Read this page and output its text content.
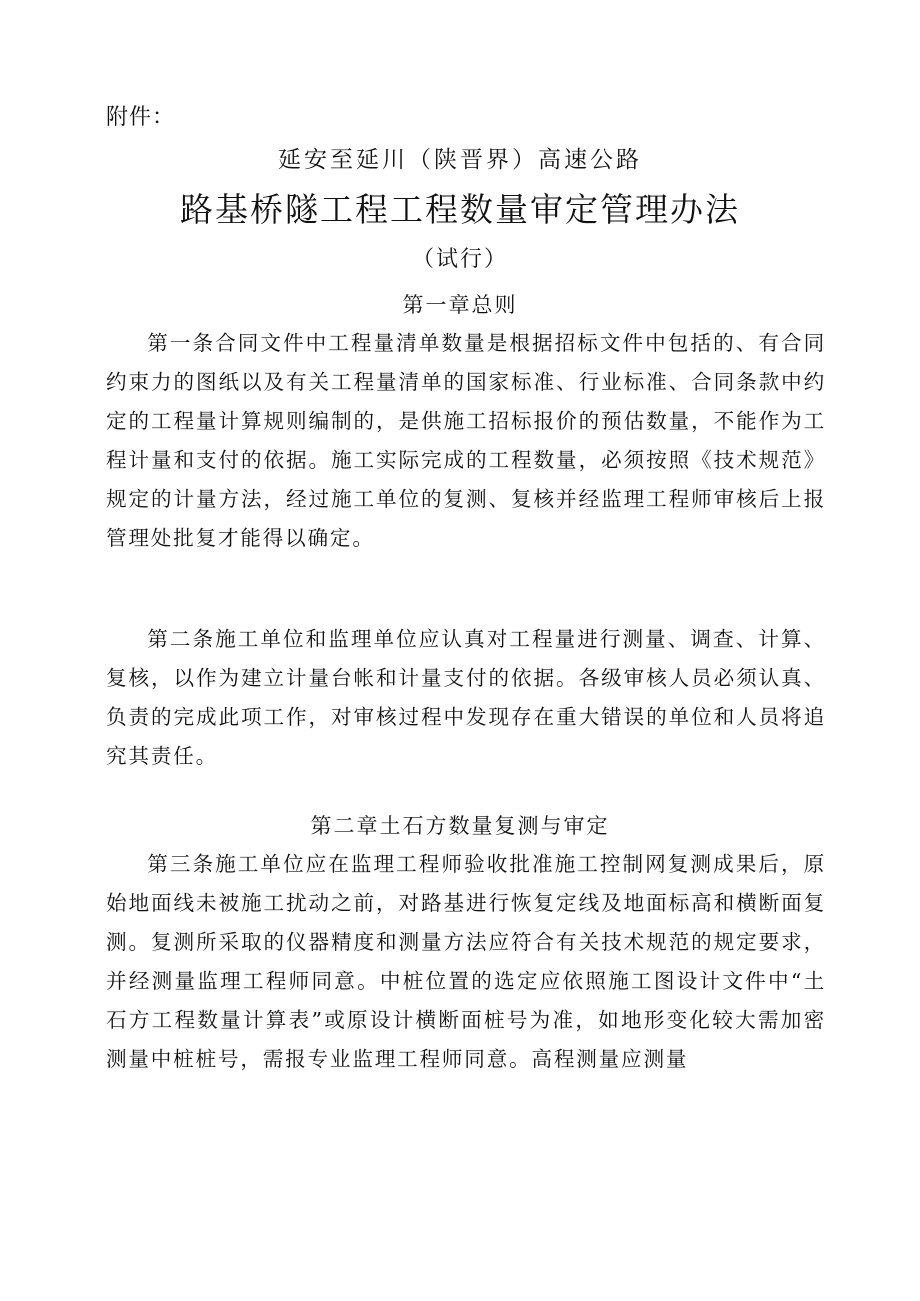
附件：
延安至延川（陕晋界）高速公路
路基桥隧工程工程数量审定管理办法
（试行）
第一章总则

第一条合同文件中工程量清单数量是根据招标文件中包括的、有合同约束力的图纸以及有关工程量清单的国家标准、行业标准、合同条款中约定的工程量计算规则编制的，是供施工招标报价的预估数量，不能作为工程计量和支付的依据。施工实际完成的工程数量，必须按照《技术规范》规定的计量方法，经过施工单位的复测、复核并经监理工程师审核后上报管理处批复才能得以确定。

第二条施工单位和监理单位应认真对工程量进行测量、调查、计算、复核，以作为建立计量台帐和计量支付的依据。各级审核人员必须认真、负责的完成此项工作，对审核过程中发现存在重大错误的单位和人员将追究其责任。

第二章土石方数量复测与审定

第三条施工单位应在监理工程师验收批准施工控制网复测成果后，原始地面线未被施工扰动之前，对路基进行恢复定线及地面标高和横断面复测。复测所采取的仪器精度和测量方法应符合有关技术规范的规定要求，并经测量监理工程师同意。中桩位置的选定应依照施工图设计文件中“土石方工程数量计算表”或原设计横断面桩号为准，如地形变化较大需加密测量中桩桩号，需报专业监理工程师同意。高程测量应测量
